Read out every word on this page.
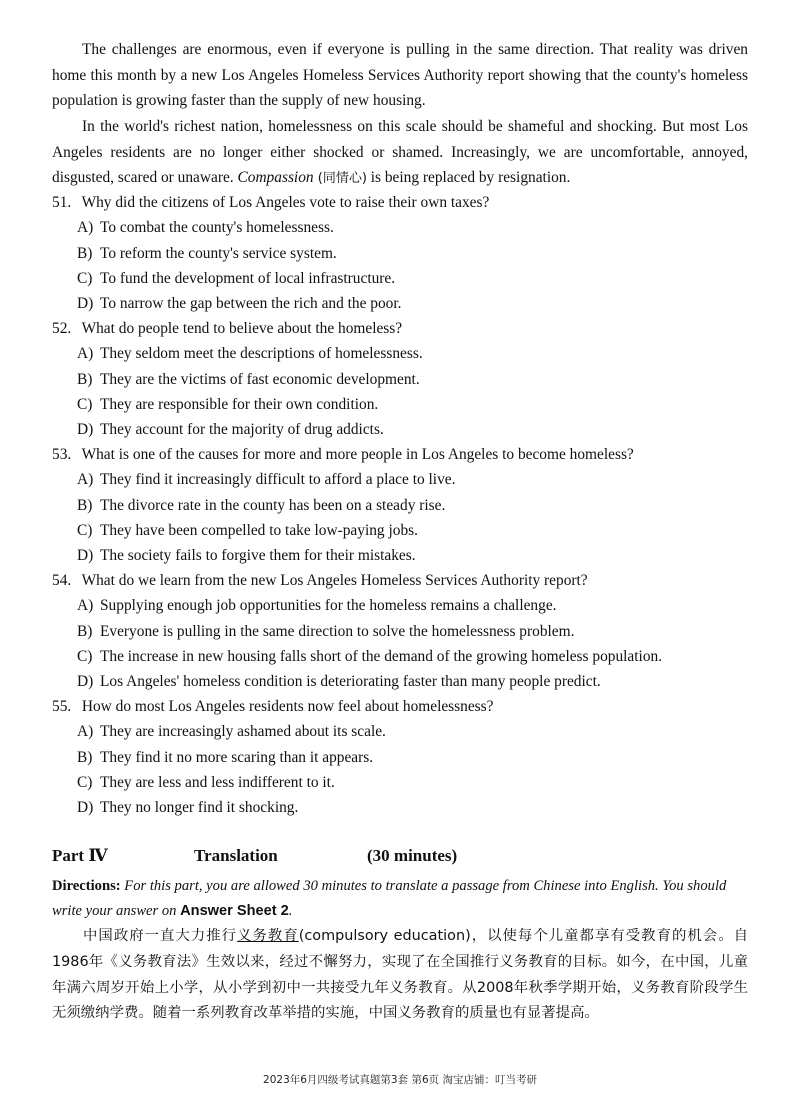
The challenges are enormous, even if everyone is pulling in the same direction. That reality was driven home this month by a new Los Angeles Homeless Services Authority report showing that the county's homeless population is growing faster than the supply of new housing.

In the world's richest nation, homelessness on this scale should be shameful and shocking. But most Los Angeles residents are no longer either shocked or shamed. Increasingly, we are uncomfortable, annoyed, disgusted, scared or unaware. Compassion (同情心) is being replaced by resignation.

51. Why did the citizens of Los Angeles vote to raise their own taxes?
A) To combat the county's homelessness.
B) To reform the county's service system.
C) To fund the development of local infrastructure.
D) To narrow the gap between the rich and the poor.
52. What do people tend to believe about the homeless?
A) They seldom meet the descriptions of homelessness.
B) They are the victims of fast economic development.
C) They are responsible for their own condition.
D) They account for the majority of drug addicts.
53. What is one of the causes for more and more people in Los Angeles to become homeless?
A) They find it increasingly difficult to afford a place to live.
B) The divorce rate in the county has been on a steady rise.
C) They have been compelled to take low-paying jobs.
D) The society fails to forgive them for their mistakes.
54. What do we learn from the new Los Angeles Homeless Services Authority report?
A) Supplying enough job opportunities for the homeless remains a challenge.
B) Everyone is pulling in the same direction to solve the homelessness problem.
C) The increase in new housing falls short of the demand of the growing homeless population.
D) Los Angeles' homeless condition is deteriorating faster than many people predict.
55. How do most Los Angeles residents now feel about homelessness?
A) They are increasingly ashamed about its scale.
B) They find it no more scaring than it appears.
C) They are less and less indifferent to it.
D) They no longer find it shocking.
Part Ⅳ	Translation	(30 minutes)

Directions: For this part, you are allowed 30 minutes to translate a passage from Chinese into English. You should write your answer on Answer Sheet 2.

中国政府一直大力推行义务教育(compulsory education)，以使每个儿童都享有受教育的机会。自1986年《义务教育法》生效以来，经过不懈努力，实现了在全国推行义务教育的目标。如今，在中国，儿童年满六周岁开始上小学，从小学到初中一共接受九年义务教育。从2008年秋季学期开始，义务教育阶段学生无须缴纳学费。随着一系列教育改革举措的实施，中国义务教育的质量也有显著提高。

2023年6月四级考试真题第3套 第6页 淘宝店铺：叮当考研
